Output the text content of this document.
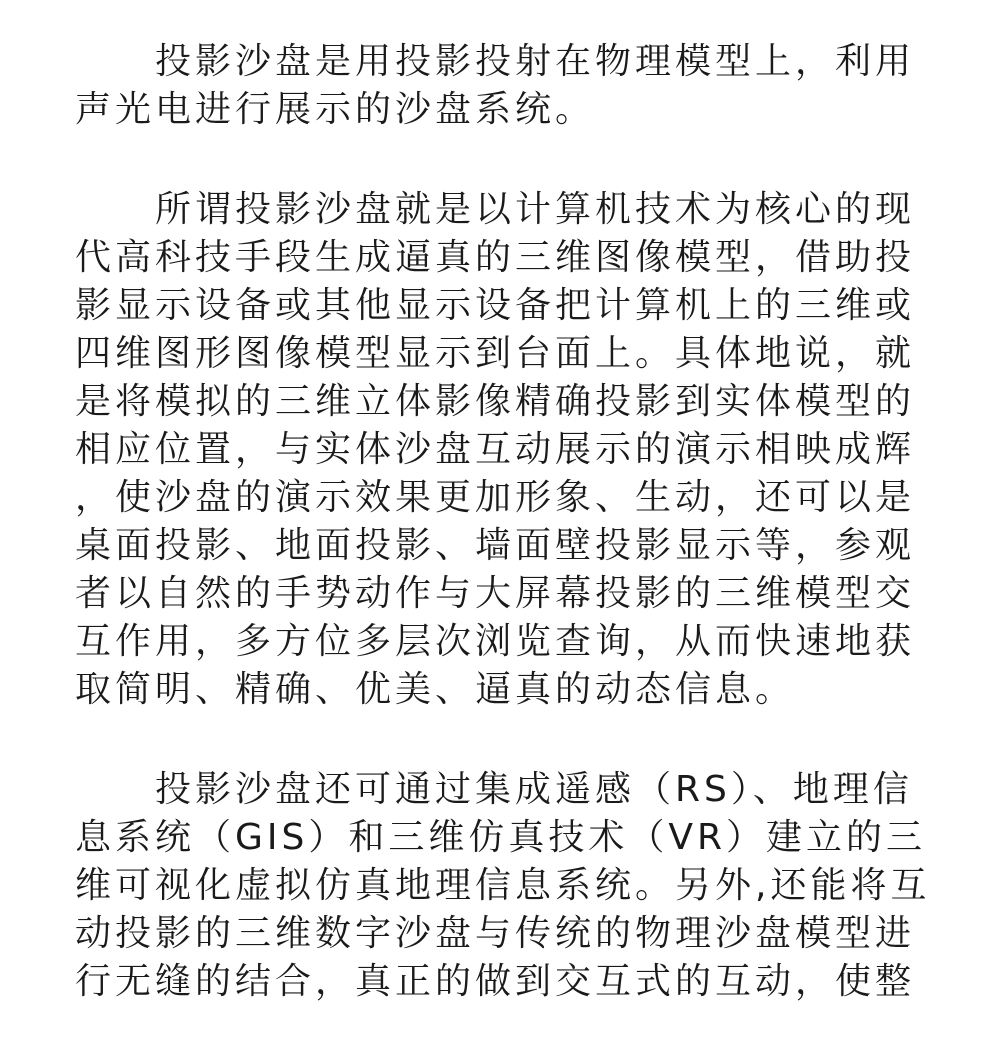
投影沙盘是用投影投射在物理模型上，利用
声光电进行展示的沙盘系统。
所谓投影沙盘就是以计算机技术为核心的现
代高科技手段生成逼真的三维图像模型，借助投
影显示设备或其他显示设备把计算机上的三维或
四维图形图像模型显示到台面上。具体地说，就
是将模拟的三维立体影像精确投影到实体模型的
相应位置，与实体沙盘互动展示的演示相映成辉
，使沙盘的演示效果更加形象、生动，还可以是
桌面投影、地面投影、墙面壁投影显示等，参观
者以自然的手势动作与大屏幕投影的三维模型交
互作用，多方位多层次浏览查询，从而快速地获
取简明、精确、优美、逼真的动态信息。
投影沙盘还可通过集成遥感（RS）、地理信
息系统（GIS）和三维仿真技术（VR）建立的三
维可视化虚拟仿真地理信息系统。另外,还能将互
动投影的三维数字沙盘与传统的物理沙盘模型进
行无缝的结合，真正的做到交互式的互动，使整
